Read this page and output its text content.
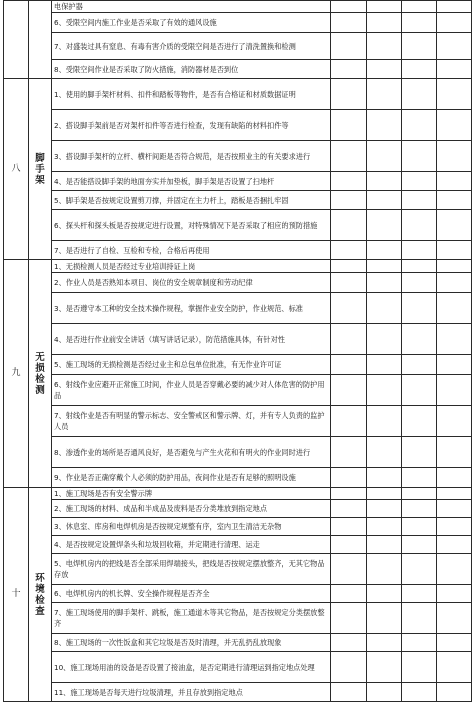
		电保护器				
		6、受限空间内施工作业是否采取了有效的通风设施				
		7、对盛装过具有窒息、有毒有害介质的受限空间是否进行了清洗置换和检测				
		8、受限空间作业是否采取了防火措施，消防器材是否到位				
八	脚手架	1、使用的脚手架杆材料、扣件和踏板等物件，是否有合格证和材质数据证明				
		2、搭设脚手架前是否对架杆扣件等否进行检查，发现有缺陷的材料扣件等				
		3、搭设脚手架杆的立杆、横杆间距是否符合规范，是否按照业主的有关要求进行				
		4、是否能搭设脚手架的地面夯实并加垫板，脚手架是否设置了扫地杆				
		5、脚手架是否按规定设置剪刀撑，并固定在主力杆上，踏板是否捆扎牢固				
		6、探头杆和探头板是否按规定进行设置，对特殊情况下是否采取了相应的预防措施				
		7、是否进行了自检、互检和专检，合格后再使用				
九	无损检测	1、无损检测人员是否经过专业培训持证上岗				
		2、作业人员是否熟知本项目、岗位的安全规章制度和劳动纪律				
		3、是否遵守本工种的安全技术操作规程，掌握作业安全防护，作业规范、标准				
		4、是否进行作业前安全讲话（填写讲话记录），防范措施具体，有针对性				
		5、施工现场的无损检测是否经过业主和总包单位批准，有无作业许可证				
		6、射线作业应避开正常施工时间，作业人员是否穿戴必要的减少对人体危害的防护用品				
		7、射线作业是否有明显的警示标志、安全警戒区和警示牌、灯，并有专人负责的监护人员				
		8、渗透作业的场所是否通风良好，是否避免与产生火花和有明火的作业同时进行				
		9、作业是否正确穿戴个人必须的防护用品，夜间作业是否有足够的照明设施				
十	环境检查	1、施工现场是否有安全警示牌				
		2、施工现场的材料、成品和半成品及废料是否分类堆放到指定地点				
		3、休息室、库房和电焊机房是否按规定规整有序，室内卫生清洁无杂物				
		4、是否按规定设置焊条头和垃圾回收箱，并定期进行清理、运走				
		5、电焊机房内的把线是否全部采用焊端接头，把线是否按规定摆放整齐，无其它物品存放				
		6、电焊机房内的机长牌、安全操作规程是否齐全				
		7、施工现场使用的脚手架杆、跳板，施工通道木等其它物品，是否按规定分类摆放整齐				
		8、施工现场的一次性饭盒和其它垃圾是否及时清理，并无乱扔乱放现象				
		10、施工现场用油的设备是否设置了接油盒，是否定期进行清理运到指定地点处理				
		11、施工现场是否每天进行垃圾清理，并且存放到指定地点				
